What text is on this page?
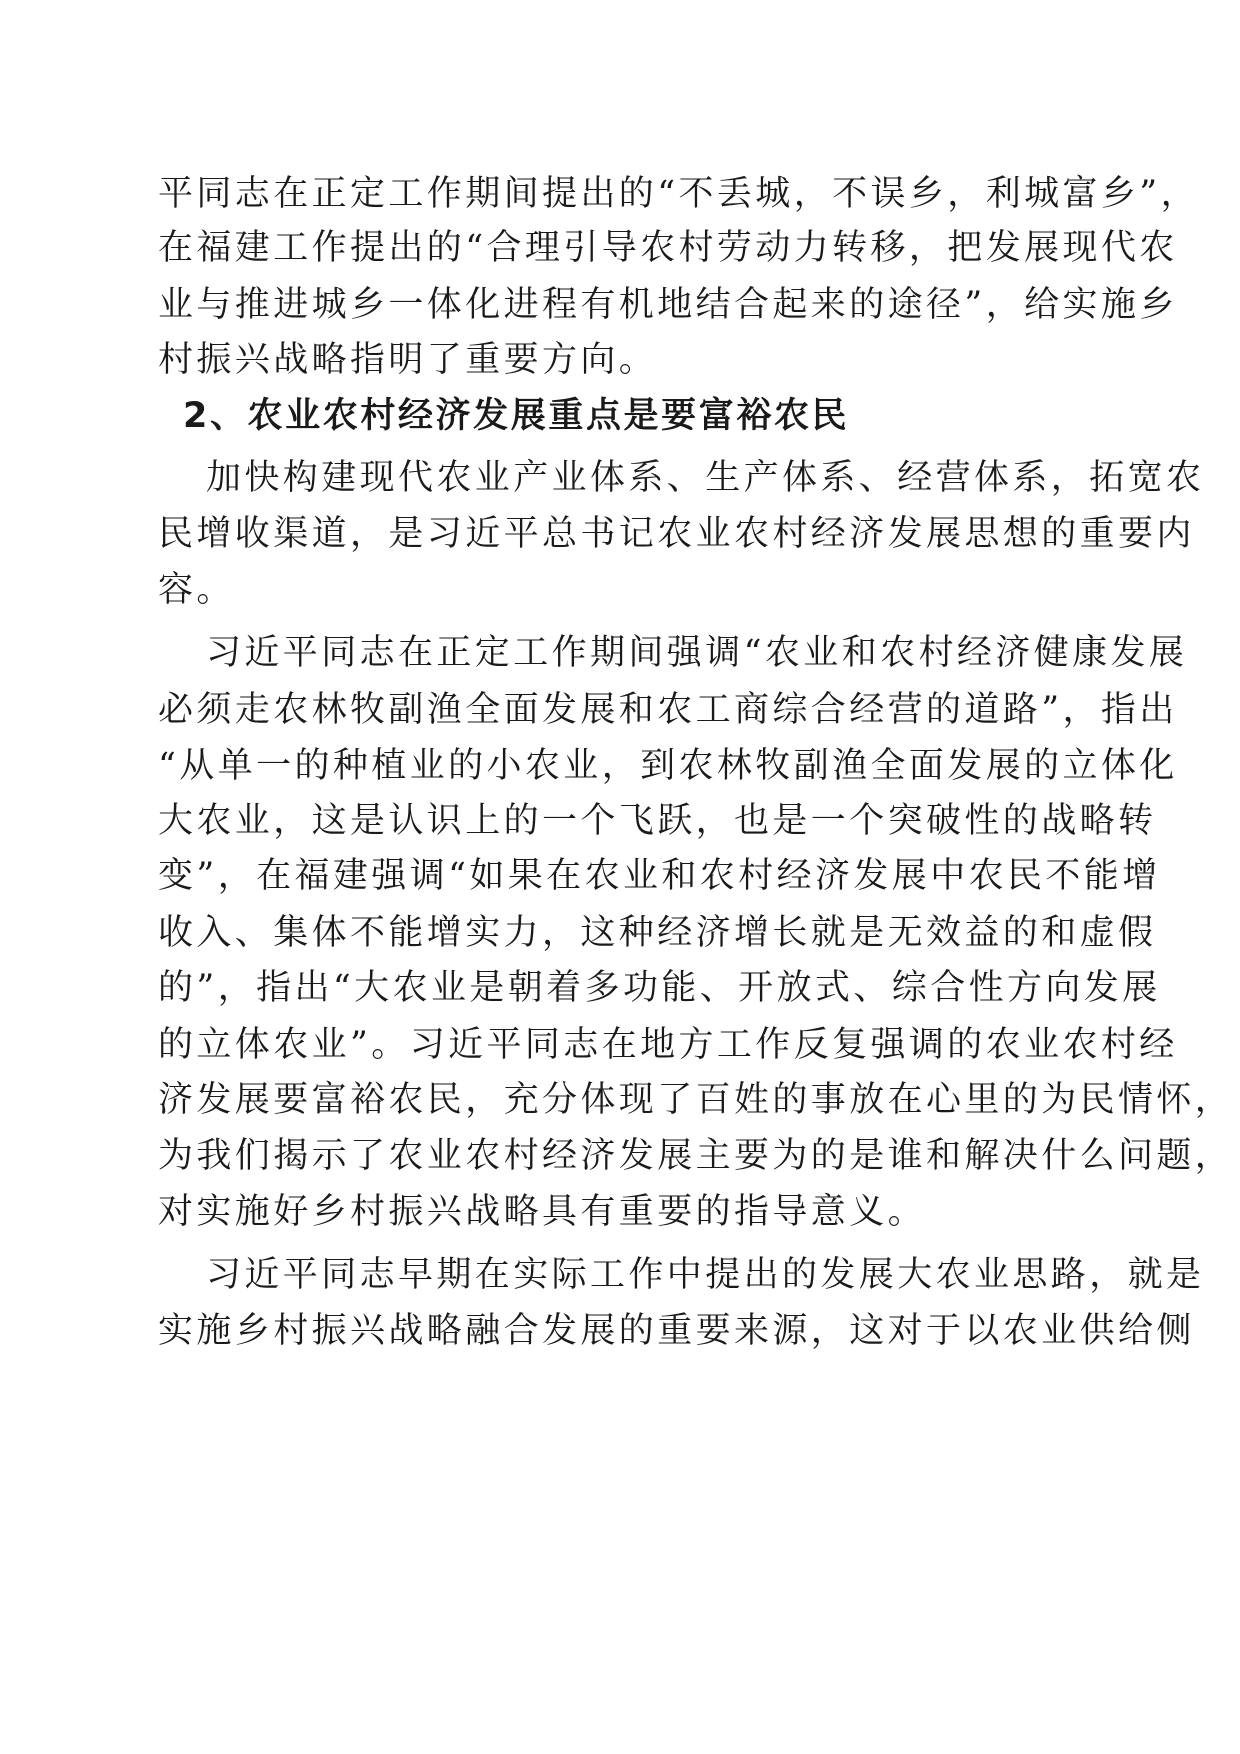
平同志在正定工作期间提出的“不丢城，不误乡，利城富乡”，
在福建工作提出的“合理引导农村劳动力转移，把发展现代农
业与推进城乡一体化进程有机地结合起来的途径”，给实施乡
村振兴战略指明了重要方向。
2、农业农村经济发展重点是要富裕农民
加快构建现代农业产业体系、生产体系、经营体系，拓宽农
民增收渠道，是习近平总书记农业农村经济发展思想的重要内
容。
习近平同志在正定工作期间强调“农业和农村经济健康发展
必须走农林牧副渔全面发展和农工商综合经营的道路”，指出
“从单一的种植业的小农业，到农林牧副渔全面发展的立体化
大农业，这是认识上的一个飞跃，也是一个突破性的战略转
变”，在福建强调“如果在农业和农村经济发展中农民不能增
收入、集体不能增实力，这种经济增长就是无效益的和虚假
的”，指出“大农业是朝着多功能、开放式、综合性方向发展
的立体农业”。习近平同志在地方工作反复强调的农业农村经
济发展要富裕农民，充分体现了百姓的事放在心里的为民情怀，
为我们揭示了农业农村经济发展主要为的是谁和解决什么问题，
对实施好乡村振兴战略具有重要的指导意义。
习近平同志早期在实际工作中提出的发展大农业思路，就是
实施乡村振兴战略融合发展的重要来源，这对于以农业供给侧
